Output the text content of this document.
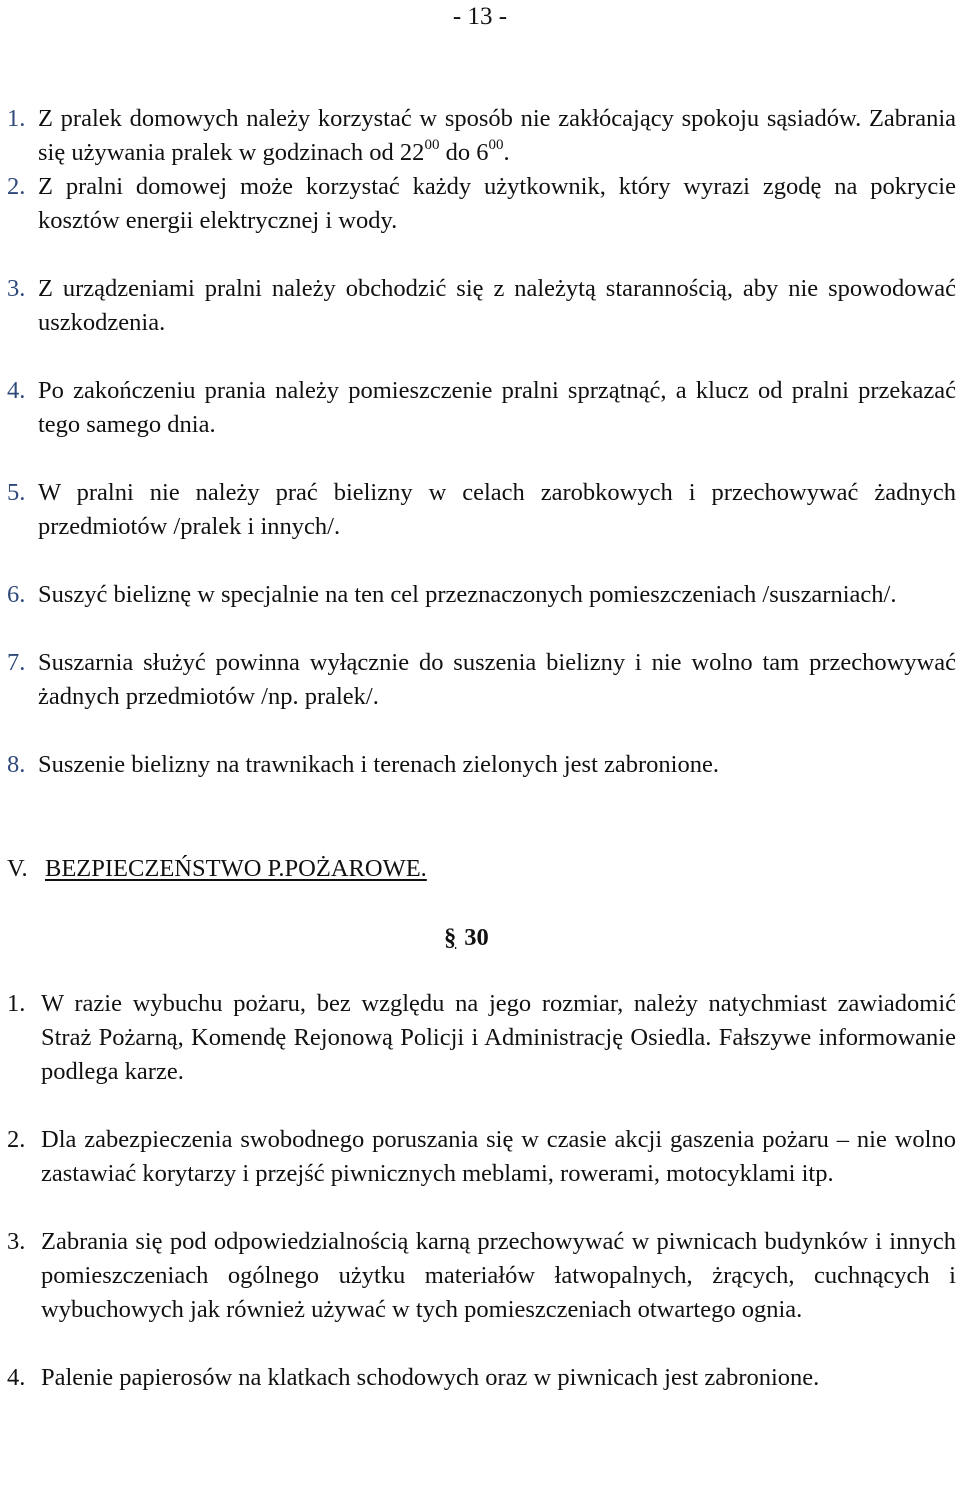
- 13 -
1. Z pralek domowych należy korzystać w sposób nie zakłócający spokoju sąsiadów. Zabrania się używania pralek w godzinach od $22^{00}$ do $6^{00}$.
2. Z pralni domowej może korzystać każdy użytkownik, który wyrazi zgodę na pokrycie kosztów energii elektrycznej i wody.
3. Z urządzeniami pralni należy obchodzić się z należytą starannością, aby nie spowodować uszkodzenia.
4. Po zakończeniu prania należy pomieszczenie pralni sprzątnąć, a klucz od pralni przekazać tego samego dnia.
5. W pralni nie należy prać bielizny w celach zarobkowych i przechowywać żadnych przedmiotów /pralek i innych/.
6. Suszyć bieliznę w specjalnie na ten cel przeznaczonych pomieszczeniach /suszarniach/.
7. Suszarnia służyć powinna wyłącznie do suszenia bielizny i nie wolno tam przechowywać żadnych przedmiotów /np. pralek/.
8. Suszenie bielizny na trawnikach i terenach zielonych jest zabronione.
V. BEZPIECZEŃSTWO P.POŻAROWE.
§ 30
1. W razie wybuchu pożaru, bez względu na jego rozmiar, należy natychmiast zawiadomić Straż Pożarną, Komendę Rejonową Policji i Administrację Osiedla. Fałszywe informowanie podlega karze.
2. Dla zabezpieczenia swobodnego poruszania się w czasie akcji gaszenia pożaru – nie wolno zastawiać korytarzy i przejść piwnicznych meblami, rowerami, motocyklami itp.
3. Zabrania się pod odpowiedzialnością karną przechowywać w piwnicach budynków i innych pomieszczeniach ogólnego użytku materiałów łatwopalnych, żrących, cuchnących i wybuchowych jak również używać w tych pomieszczeniach otwartego ognia.
4. Palenie papierosów na klatkach schodowych oraz w piwnicach jest zabronione.
